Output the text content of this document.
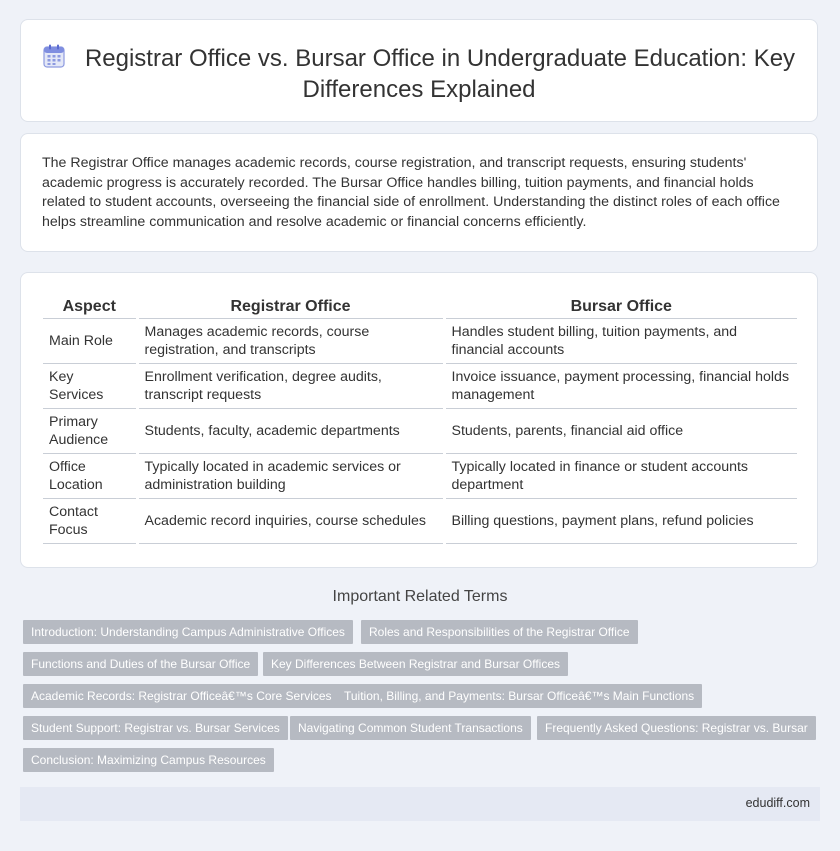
Registrar Office vs. Bursar Office in Undergraduate Education: Key Differences Explained

The Registrar Office manages academic records, course registration, and transcript requests, ensuring students' academic progress is accurately recorded. The Bursar Office handles billing, tuition payments, and financial holds related to student accounts, overseeing the financial side of enrollment. Understanding the distinct roles of each office helps streamline communication and resolve academic or financial concerns efficiently.

Aspect	Registrar Office	Bursar Office
Main Role	Manages academic records, course registration, and transcripts	Handles student billing, tuition payments, and financial accounts
Key Services	Enrollment verification, degree audits, transcript requests	Invoice issuance, payment processing, financial holds management
Primary Audience	Students, faculty, academic departments	Students, parents, financial aid office
Office Location	Typically located in academic services or administration building	Typically located in finance or student accounts department
Contact Focus	Academic record inquiries, course schedules	Billing questions, payment plans, refund policies
Important Related Terms
Introduction: Understanding Campus Administrative Offices	Roles and Responsibilities of the Registrar Office
Functions and Duties of the Bursar Office	Key Differences Between Registrar and Bursar Offices
Academic Records: Registrar Officeâ€™s Core Services	Tuition, Billing, and Payments: Bursar Officeâ€™s Main Functions
Student Support: Registrar vs. Bursar Services	Navigating Common Student Transactions	Frequently Asked Questions: Registrar vs. Bursar
Conclusion: Maximizing Campus Resources
edudiff.com
